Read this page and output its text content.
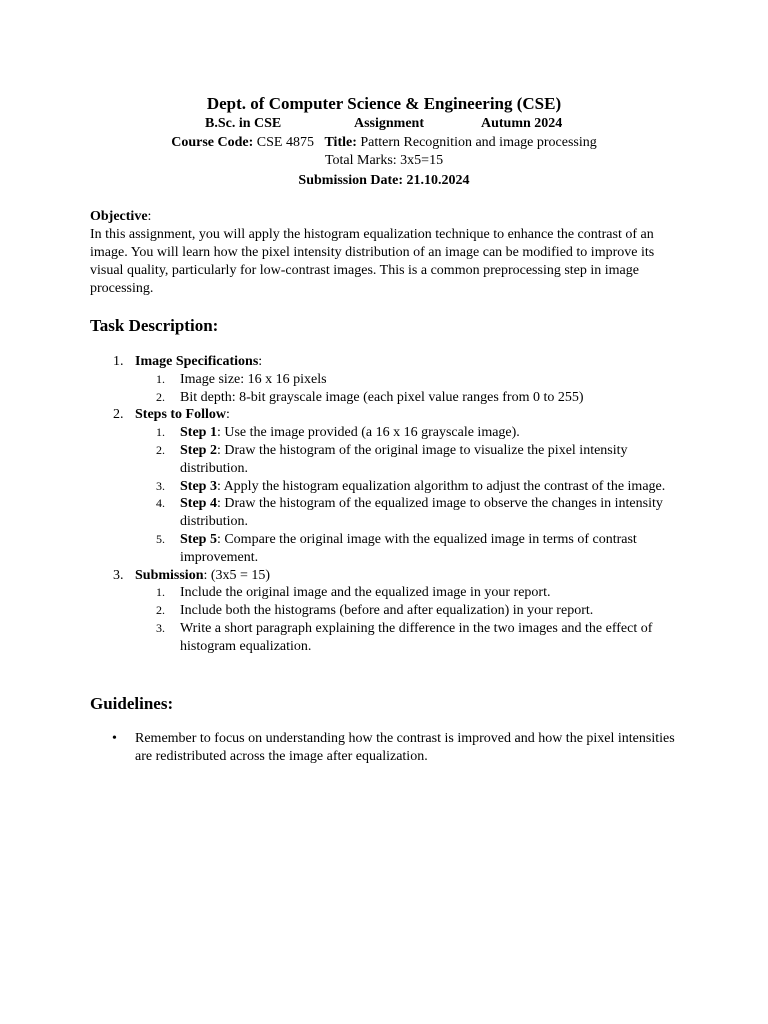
Dept. of Computer Science & Engineering (CSE)
B.Sc. in CSE	Assignment	Autumn 2024
Course Code: CSE 4875 Title: Pattern Recognition and image processing
Total Marks: 3x5=15
Submission Date: 21.10.2024
Objective:

In this assignment, you will apply the histogram equalization technique to enhance the contrast of an image. You will learn how the pixel intensity distribution of an image can be modified to improve its visual quality, particularly for low-contrast images. This is a common preprocessing step in image processing.

Task Description:
1. Image Specifications:
1. Image size: 16 x 16 pixels
2. Bit depth: 8-bit grayscale image (each pixel value ranges from 0 to 255)
2. Steps to Follow:
1. Step 1: Use the image provided (a 16 x 16 grayscale image).
2. Step 2: Draw the histogram of the original image to visualize the pixel intensity distribution.
3. Step 3: Apply the histogram equalization algorithm to adjust the contrast of the image.
4. Step 4: Draw the histogram of the equalized image to observe the changes in intensity distribution.
5. Step 5: Compare the original image with the equalized image in terms of contrast improvement.
3. Submission: (3x5 = 15)
1. Include the original image and the equalized image in your report.
2. Include both the histograms (before and after equalization) in your report.
3. Write a short paragraph explaining the difference in the two images and the effect of histogram equalization.
Guidelines:
• Remember to focus on understanding how the contrast is improved and how the pixel intensities are redistributed across the image after equalization.
